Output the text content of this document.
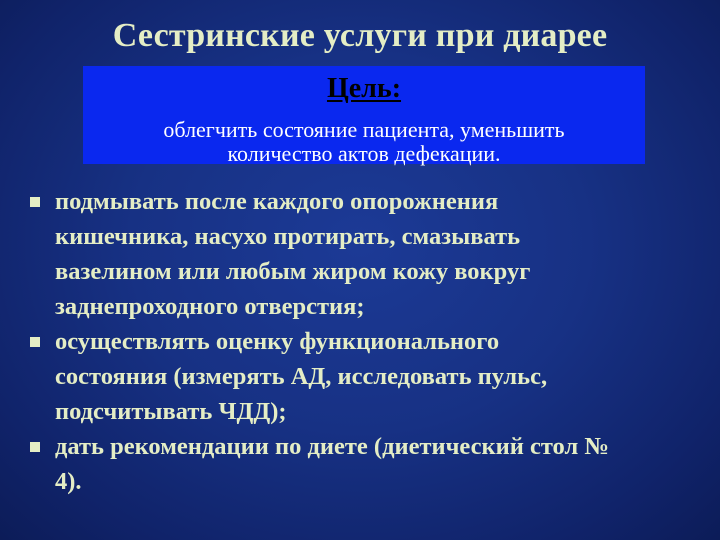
Сестринские услуги при диарее
Цель:
облегчить состояние пациента, уменьшить
количество актов дефекации.
подмывать после каждого опорожнения
кишечника, насухо протирать, смазывать
вазелином или любым жиром кожу вокруг
заднепроходного отверстия;
осуществлять оценку функционального
состояния (измерять АД, исследовать пульс,
подсчитывать ЧДД);
дать рекомендации по диете (диетический стол №
4).
